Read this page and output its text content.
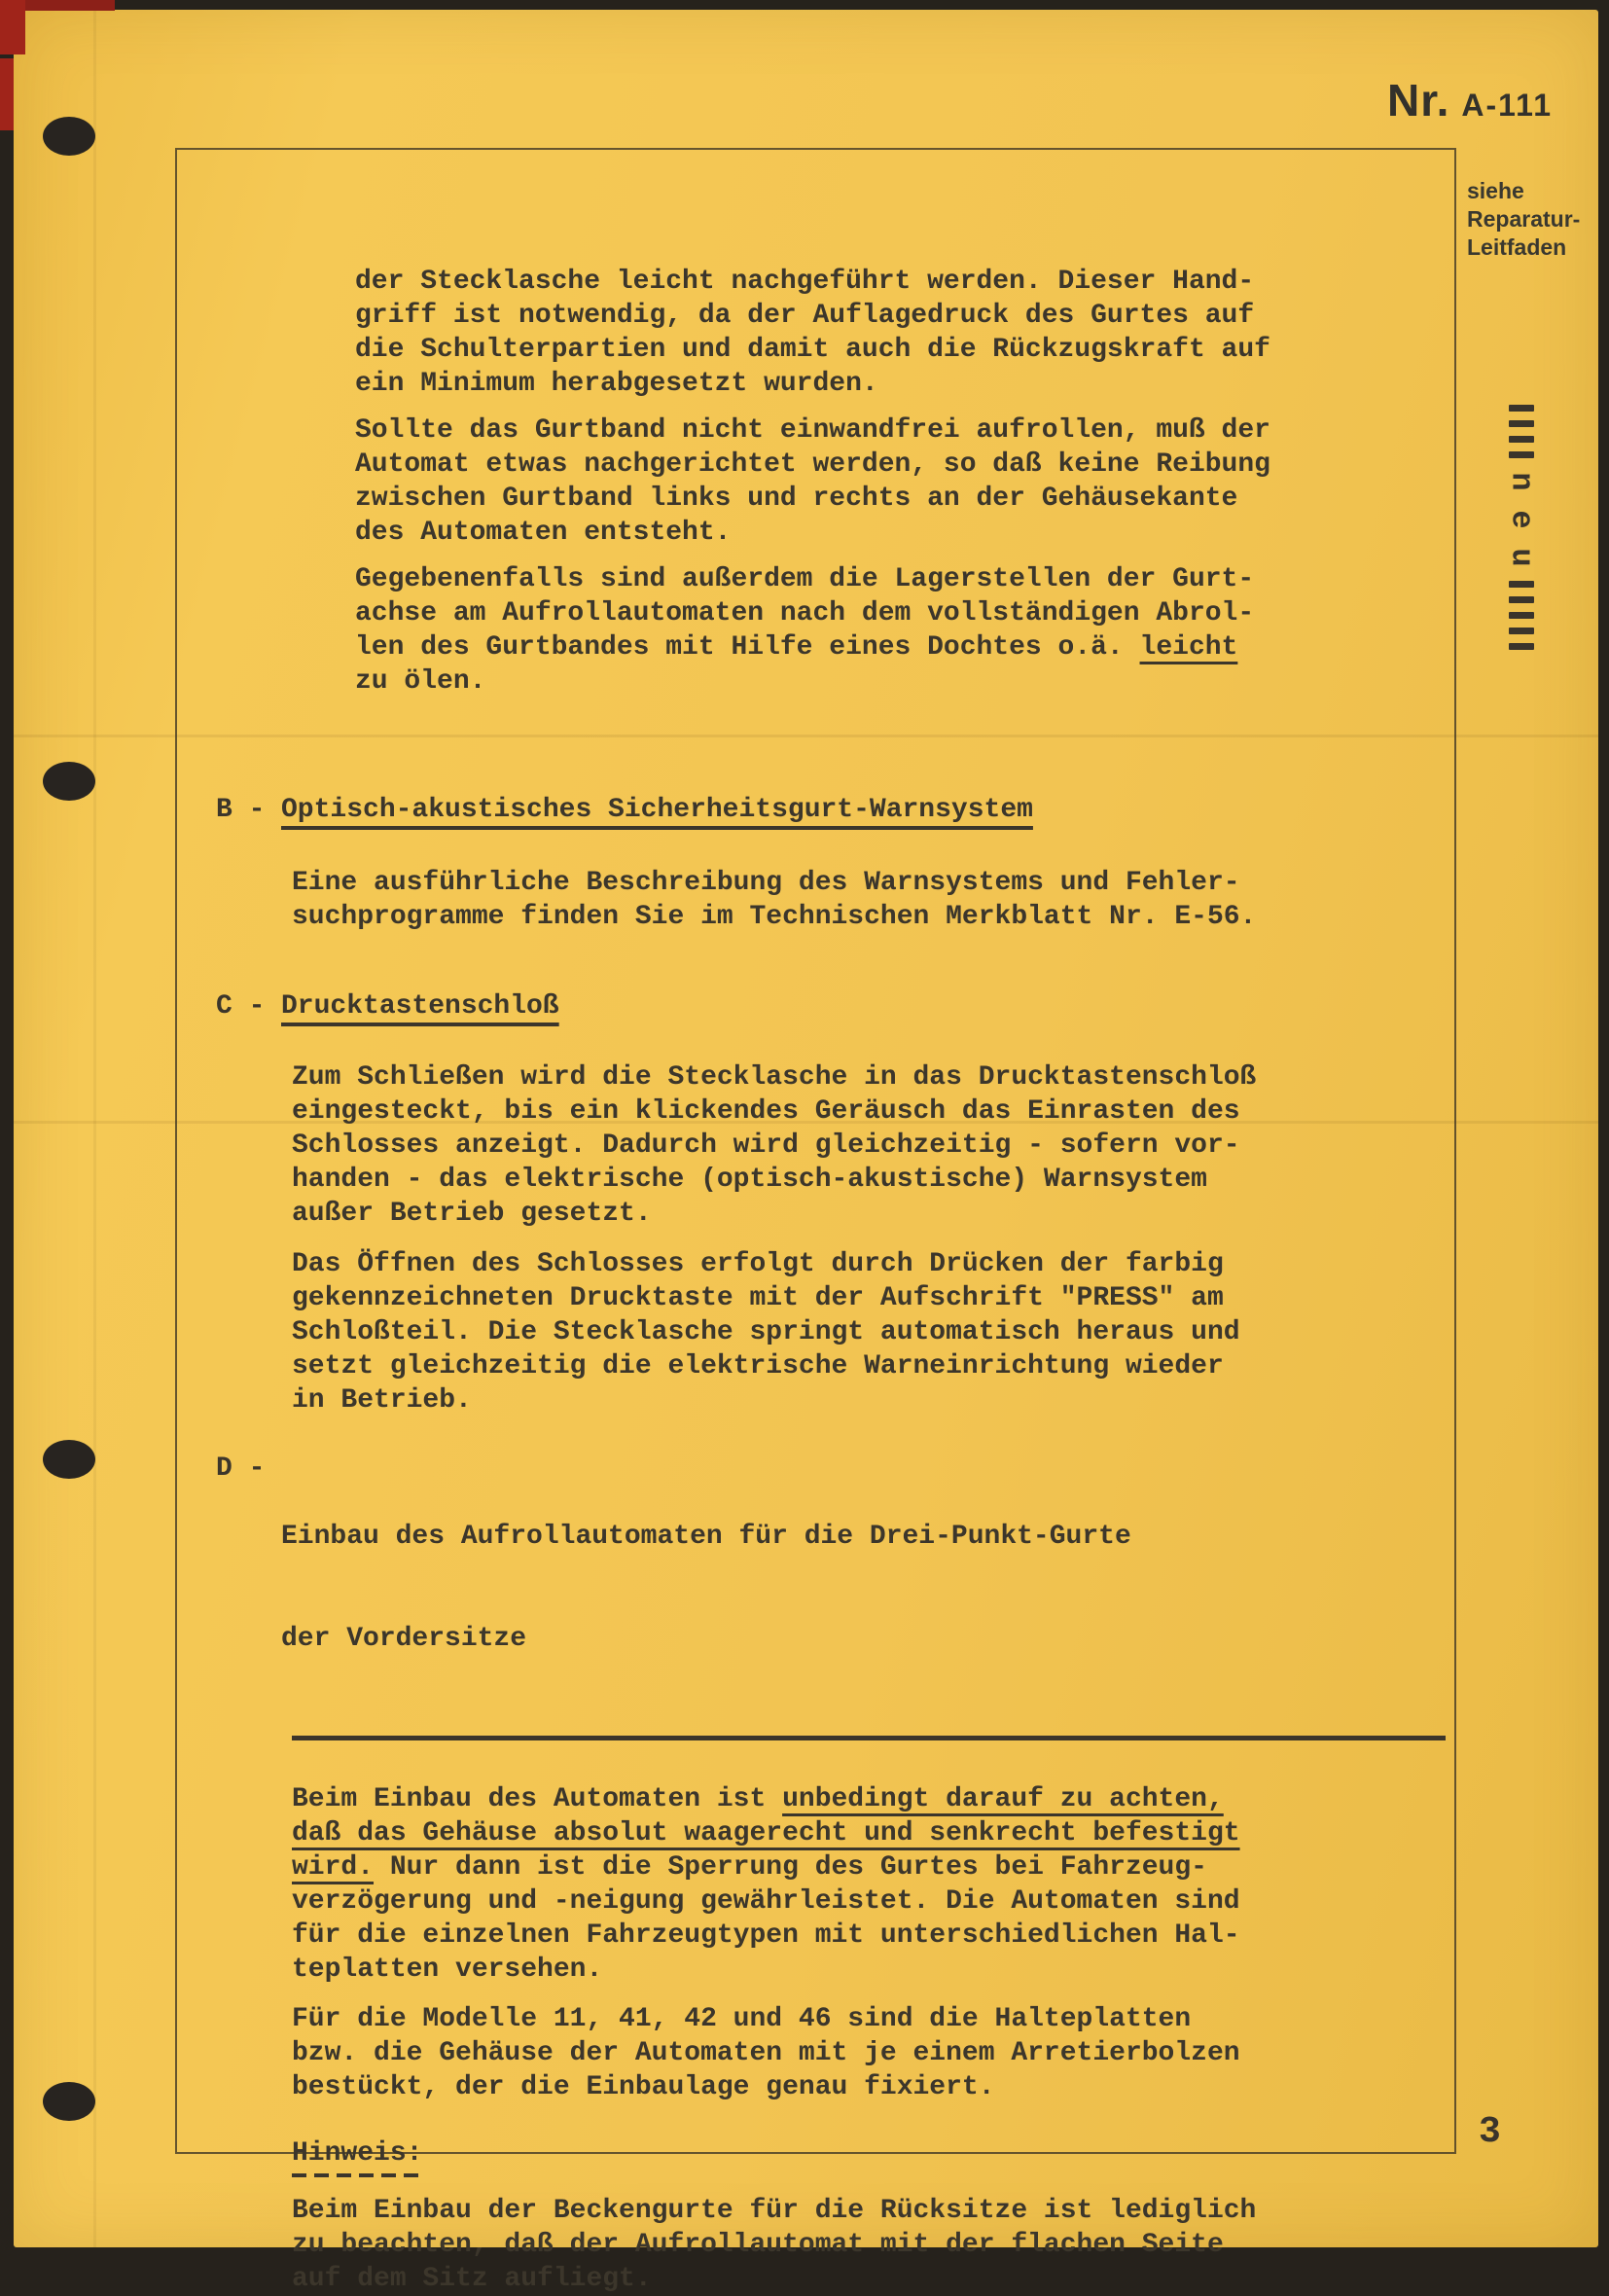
Nr. A-111
siehe
Reparatur-
Leitfaden
n
e
u
der Stecklasche leicht nachgeführt werden. Dieser Hand-
griff ist notwendig, da der Auflagedruck des Gurtes auf
die Schulterpartien und damit auch die Rückzugskraft auf
ein Minimum herabgesetzt wurden.
Sollte das Gurtband nicht einwandfrei aufrollen, muß der
Automat etwas nachgerichtet werden, so daß keine Reibung
zwischen Gurtband links und rechts an der Gehäusekante
des Automaten entsteht.
Gegebenenfalls sind außerdem die Lagerstellen der Gurt-
achse am Aufrollautomaten nach dem vollständigen Abrol-
len des Gurtbandes mit Hilfe eines Dochtes o.ä. leicht
zu ölen.
B - Optisch-akustisches Sicherheitsgurt-Warnsystem
Eine ausführliche Beschreibung des Warnsystems und Fehler-
suchprogramme finden Sie im Technischen Merkblatt Nr. E-56.
C - Drucktastenschloß
Zum Schließen wird die Stecklasche in das Drucktastenschloß
eingesteckt, bis ein klickendes Geräusch das Einrasten des
Schlosses anzeigt. Dadurch wird gleichzeitig - sofern vor-
handen - das elektrische (optisch-akustische) Warnsystem
außer Betrieb gesetzt.
Das Öffnen des Schlosses erfolgt durch Drücken der farbig
gekennzeichneten Drucktaste mit der Aufschrift "PRESS" am
Schloßteil. Die Stecklasche springt automatisch heraus und
setzt gleichzeitig die elektrische Warneinrichtung wieder
in Betrieb.
D -

Einbau des Aufrollautomaten für die Drei-Punkt-Gurte

der Vordersitze

Beim Einbau des Automaten ist unbedingt darauf zu achten,
daß das Gehäuse absolut waagerecht und senkrecht befestigt
wird. Nur dann ist die Sperrung des Gurtes bei Fahrzeug-
verzögerung und -neigung gewährleistet. Die Automaten sind
für die einzelnen Fahrzeugtypen mit unterschiedlichen Hal-
teplatten versehen.
Für die Modelle 11, 41, 42 und 46 sind die Halteplatten
bzw. die Gehäuse der Automaten mit je einem Arretierbolzen
bestückt, der die Einbaulage genau fixiert.
Hinweis:
Beim Einbau der Beckengurte für die Rücksitze ist lediglich
zu beachten, daß der Aufrollautomat mit der flachen Seite
auf dem Sitz aufliegt.
3
